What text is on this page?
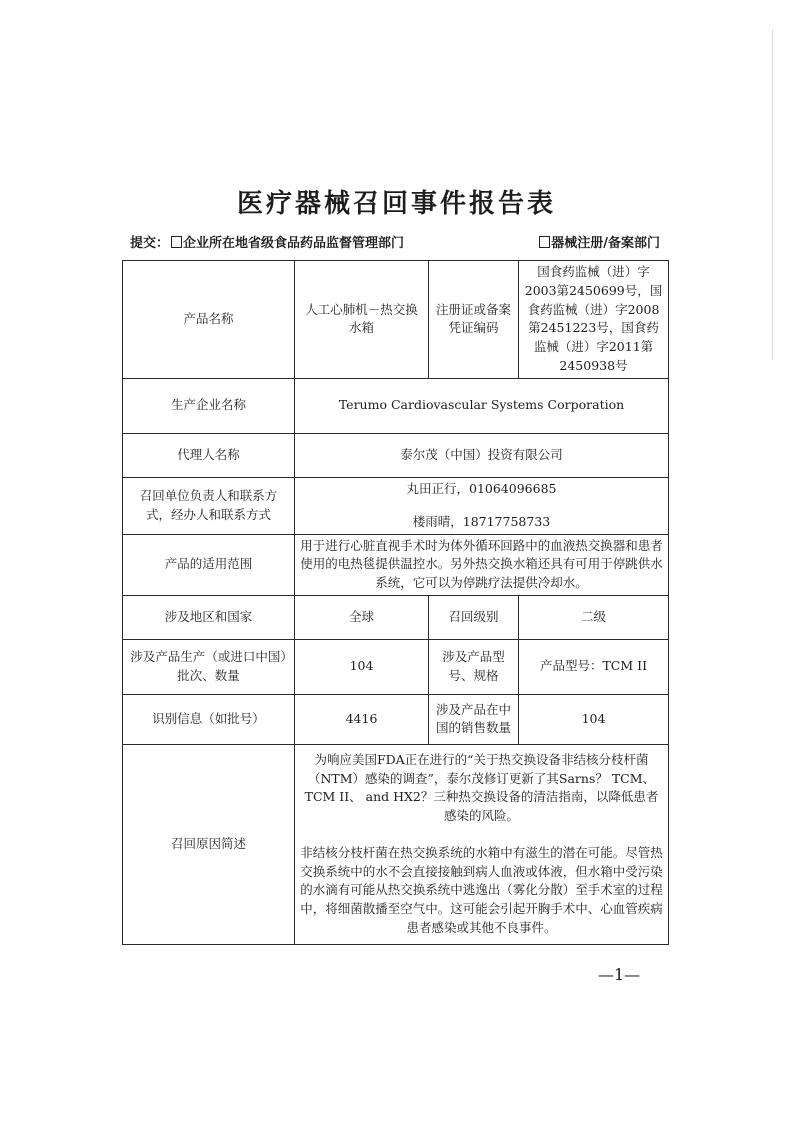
医疗器械召回事件报告表
提交： 企业所在地省级食品药品监督管理部门	器械注册/备案部门
产品名称	人工心肺机－热交换水箱	注册证或备案凭证编码	国食药监械（进）字2003第2450699号，国食药监械（进）字2008第2451223号，国食药监械（进）字2011第2450938号
生产企业名称	Terumo Cardiovascular Systems Corporation		
代理人名称	泰尔茂（中国）投资有限公司		
召回单位负责人和联系方式，经办人和联系方式	丸田正行，01064096685
楼雨晴，18717758733		

产品的适用范围	用于进行心脏直视手术时为体外循环回路中的血液热交换器和患者使用的电热毯提供温控水。另外热交换水箱还具有可用于停跳供水系统，它可以为停跳疗法提供冷却水。		
涉及地区和国家	全球	召回级别	二级
涉及产品生产（或进口中国）批次、数量	104	涉及产品型号、规格	产品型号：TCM II
识别信息（如批号）	4416	涉及产品在中国的销售数量	104
召回原因简述	为响应美国FDA正在进行的“关于热交换设备非结核分枝杆菌（NTM）感染的调查”，泰尔茂修订更新了其Sarns？ TCM、TCM II、 and HX2？三种热交换设备的清洁指南，以降低患者感染的风险。
非结核分枝杆菌在热交换系统的水箱中有滋生的潜在可能。尽管热交换系统中的水不会直接接触到病人血液或体液，但水箱中受污染的水滴有可能从热交换系统中逃逸出（雾化分散）至手术室的过程中，将细菌散播至空气中。这可能会引起开胸手术中、心血管疾病患者感染或其他不良事件。		
—1—
